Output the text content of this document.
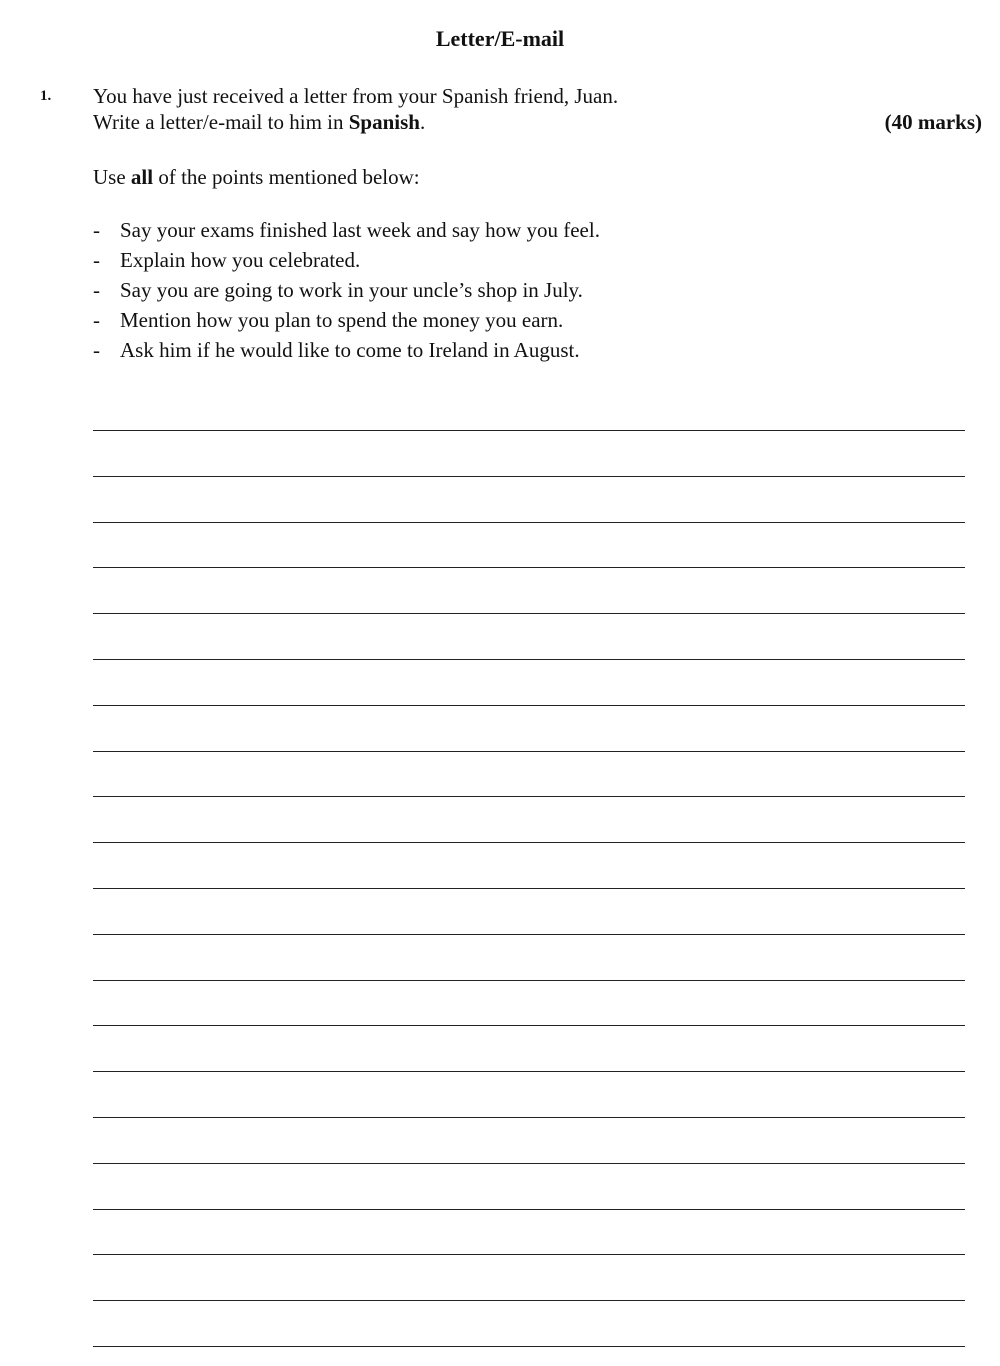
Letter/E-mail
1. You have just received a letter from your Spanish friend, Juan.
Write a letter/e-mail to him in Spanish.	(40 marks)
Use all of the points mentioned below:
- Say your exams finished last week and say how you feel.
- Explain how you celebrated.
- Say you are going to work in your uncle’s shop in July.
- Mention how you plan to spend the money you earn.
- Ask him if he would like to come to Ireland in August.
